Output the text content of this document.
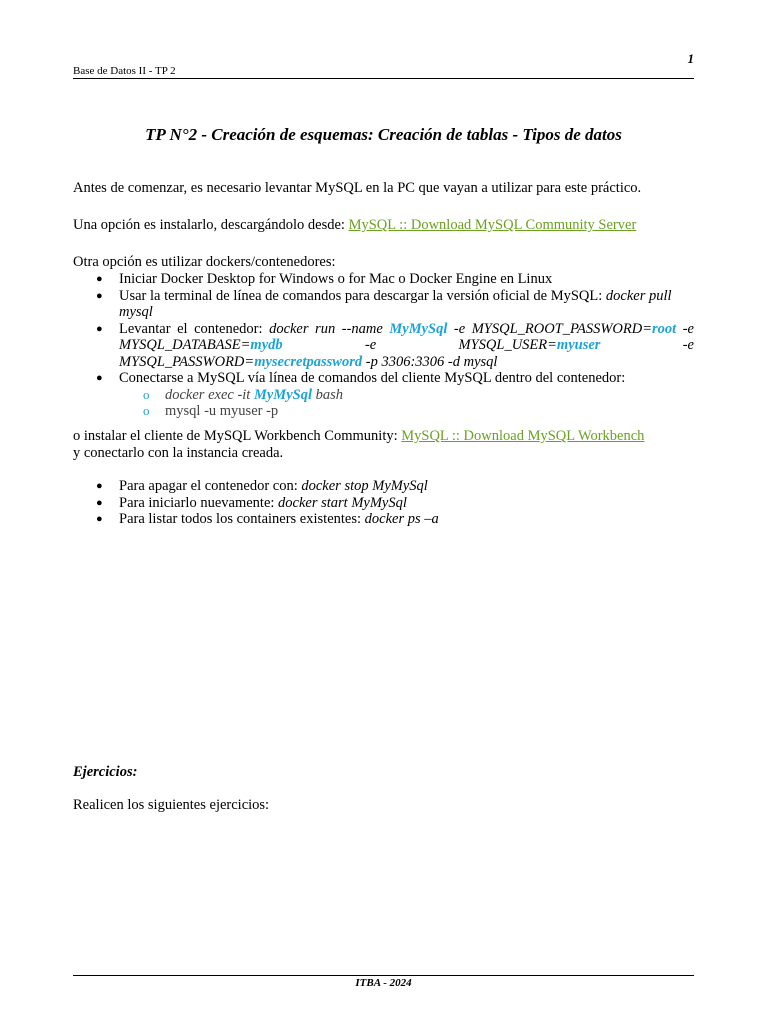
Base de Datos II - TP 2
1
TP N°2 - Creación de esquemas: Creación de tablas - Tipos de datos
Antes de comenzar, es necesario levantar MySQL en la PC que vayan a utilizar para este práctico.
Una opción es instalarlo, descargándolo desde: MySQL :: Download MySQL Community Server
Otra opción es utilizar dockers/contenedores:
● Iniciar Docker Desktop for Windows o for Mac o Docker Engine en Linux
● Usar la terminal de línea de comandos para descargar la versión oficial de MySQL: docker pull mysql
● Levantar el contenedor: docker run --name MyMySql -e MYSQL_ROOT_PASSWORD=root -e MYSQL_DATABASE=mydb -e MYSQL_USER=myuser -e MYSQL_PASSWORD=mysecretpassword -p 3306:3306 -d mysql
● Conectarse a MySQL vía línea de comandos del cliente MySQL dentro del contenedor:
o docker exec -it MyMySql bash
o mysql -u myuser -p
o instalar el cliente de MySQL Workbench Community: MySQL :: Download MySQL Workbench
y conectarlo con la instancia creada.
● Para apagar el contenedor con: docker stop MyMySql
● Para iniciarlo nuevamente: docker start MyMySql
● Para listar todos los containers existentes: docker ps –a
Ejercicios:
Realicen los siguientes ejercicios:
ITBA - 2024
